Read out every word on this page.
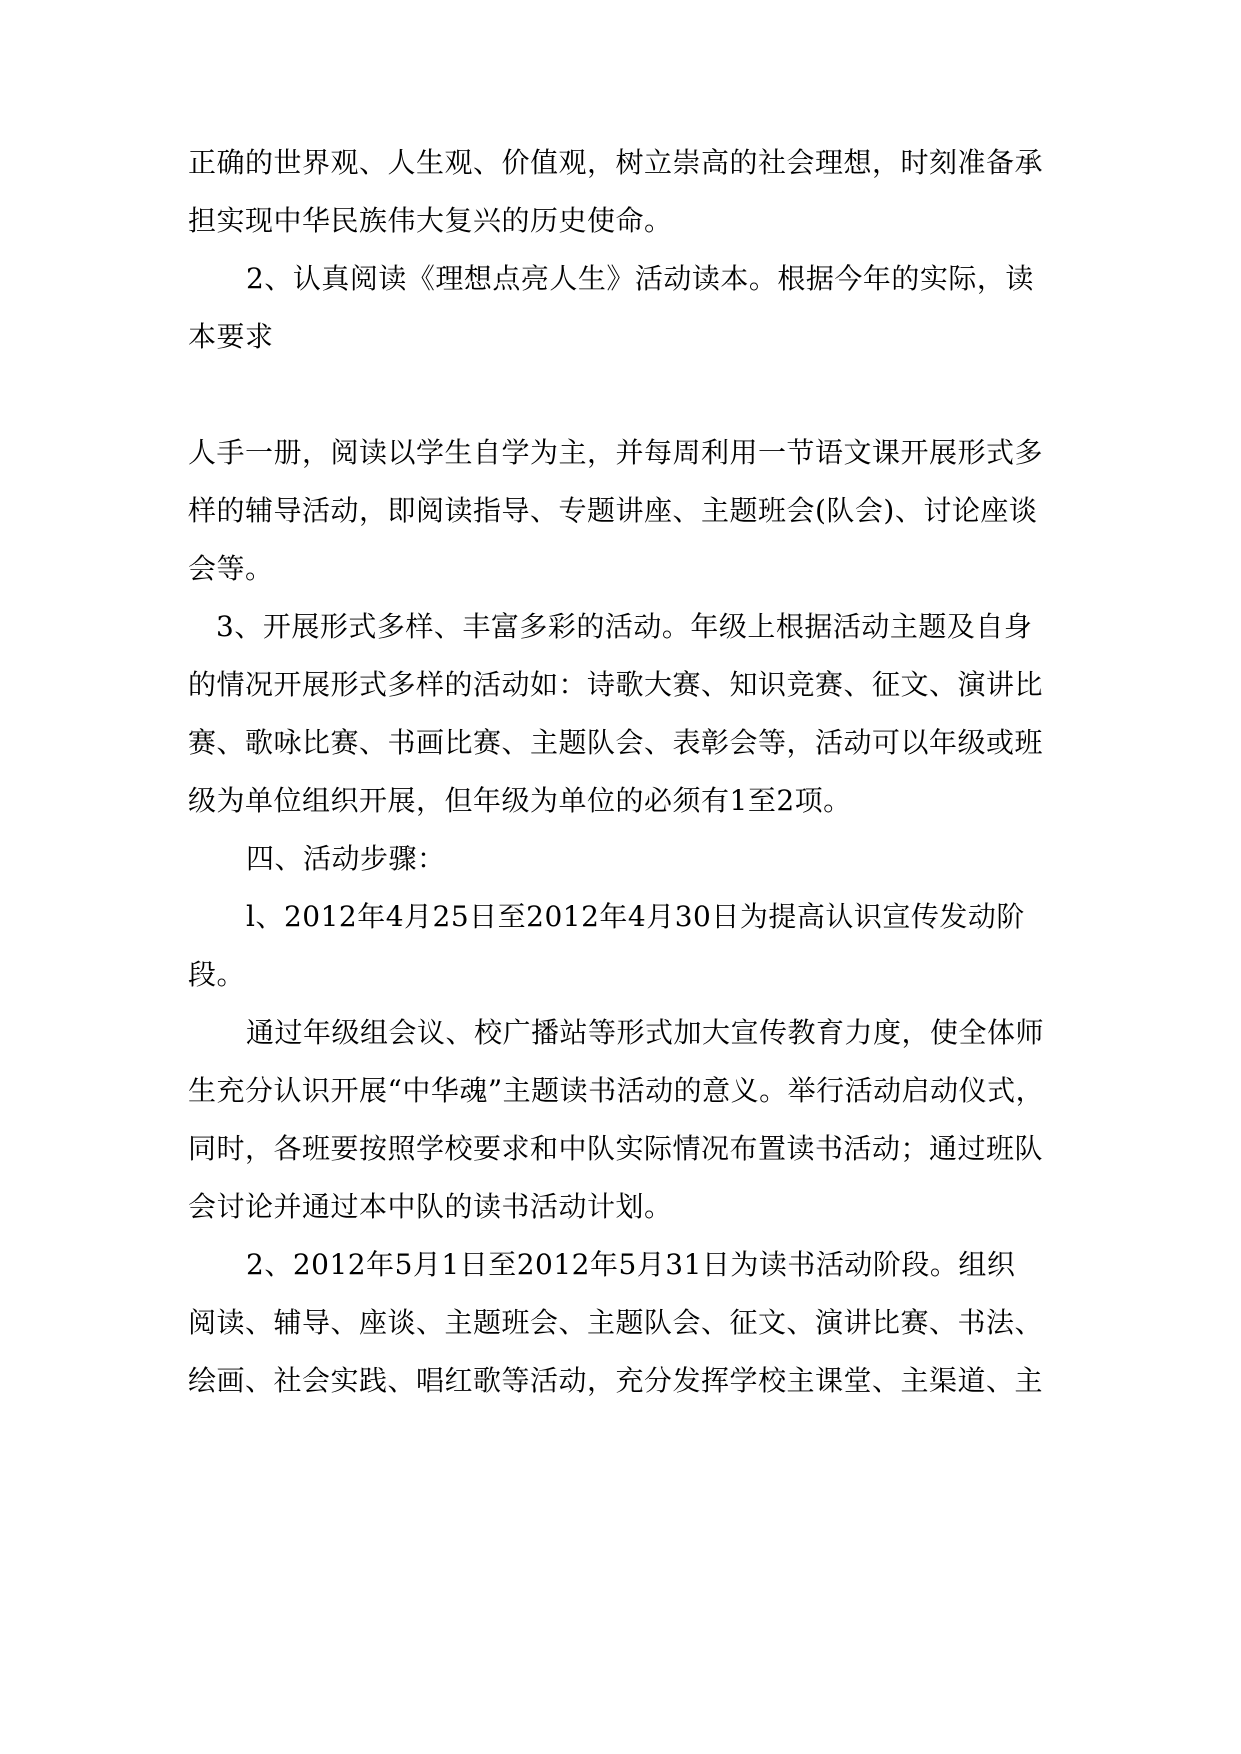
正确的世界观、人生观、价值观，树立崇高的社会理想，时刻准备承
担实现中华民族伟大复兴的历史使命。
2、认真阅读《理想点亮人生》活动读本。根据今年的实际，读
本要求
人手一册，阅读以学生自学为主，并每周利用一节语文课开展形式多
样的辅导活动，即阅读指导、专题讲座、主题班会(队会)、讨论座谈
会等。
3、开展形式多样、丰富多彩的活动。年级上根据活动主题及自身
的情况开展形式多样的活动如：诗歌大赛、知识竞赛、征文、演讲比
赛、歌咏比赛、书画比赛、主题队会、表彰会等，活动可以年级或班
级为单位组织开展，但年级为单位的必须有1至2项。
四、活动步骤：
l、2012年4月25日至2012年4月30日为提高认识宣传发动阶
段。
通过年级组会议、校广播站等形式加大宣传教育力度，使全体师
生充分认识开展“中华魂”主题读书活动的意义。举行活动启动仪式，
同时，各班要按照学校要求和中队实际情况布置读书活动；通过班队
会讨论并通过本中队的读书活动计划。
2、2012年5月1日至2012年5月31日为读书活动阶段。组织
阅读、辅导、座谈、主题班会、主题队会、征文、演讲比赛、书法、
绘画、社会实践、唱红歌等活动，充分发挥学校主课堂、主渠道、主
